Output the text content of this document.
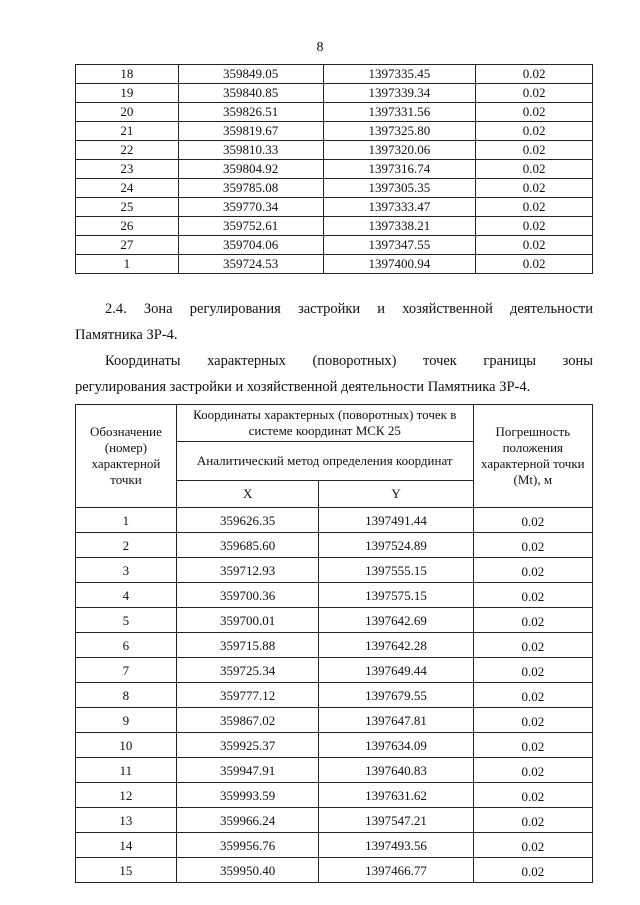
8
18	359849.05	1397335.45	0.02
19	359840.85	1397339.34	0.02
20	359826.51	1397331.56	0.02
21	359819.67	1397325.80	0.02
22	359810.33	1397320.06	0.02
23	359804.92	1397316.74	0.02
24	359785.08	1397305.35	0.02
25	359770.34	1397333.47	0.02
26	359752.61	1397338.21	0.02
27	359704.06	1397347.55	0.02
1	359724.53	1397400.94	0.02
2.4. Зона регулирования застройки и хозяйственной деятельности
Памятника ЗР-4.
Координаты характерных (поворотных) точек границы зоны
регулирования застройки и хозяйственной деятельности Памятника ЗР-4.
Обозначение (номер) характерной точки	Координаты характерных (поворотных) точек в системе координат МСК 25		Погрешность положения характерной точки (Mt), м
	Аналитический метод определения координат		
	X	Y	
1	359626.35	1397491.44	0.02
2	359685.60	1397524.89	0.02
3	359712.93	1397555.15	0.02
4	359700.36	1397575.15	0.02
5	359700.01	1397642.69	0.02
6	359715.88	1397642.28	0.02
7	359725.34	1397649.44	0.02
8	359777.12	1397679.55	0.02
9	359867.02	1397647.81	0.02
10	359925.37	1397634.09	0.02
11	359947.91	1397640.83	0.02
12	359993.59	1397631.62	0.02
13	359966.24	1397547.21	0.02
14	359956.76	1397493.56	0.02
15	359950.40	1397466.77	0.02
